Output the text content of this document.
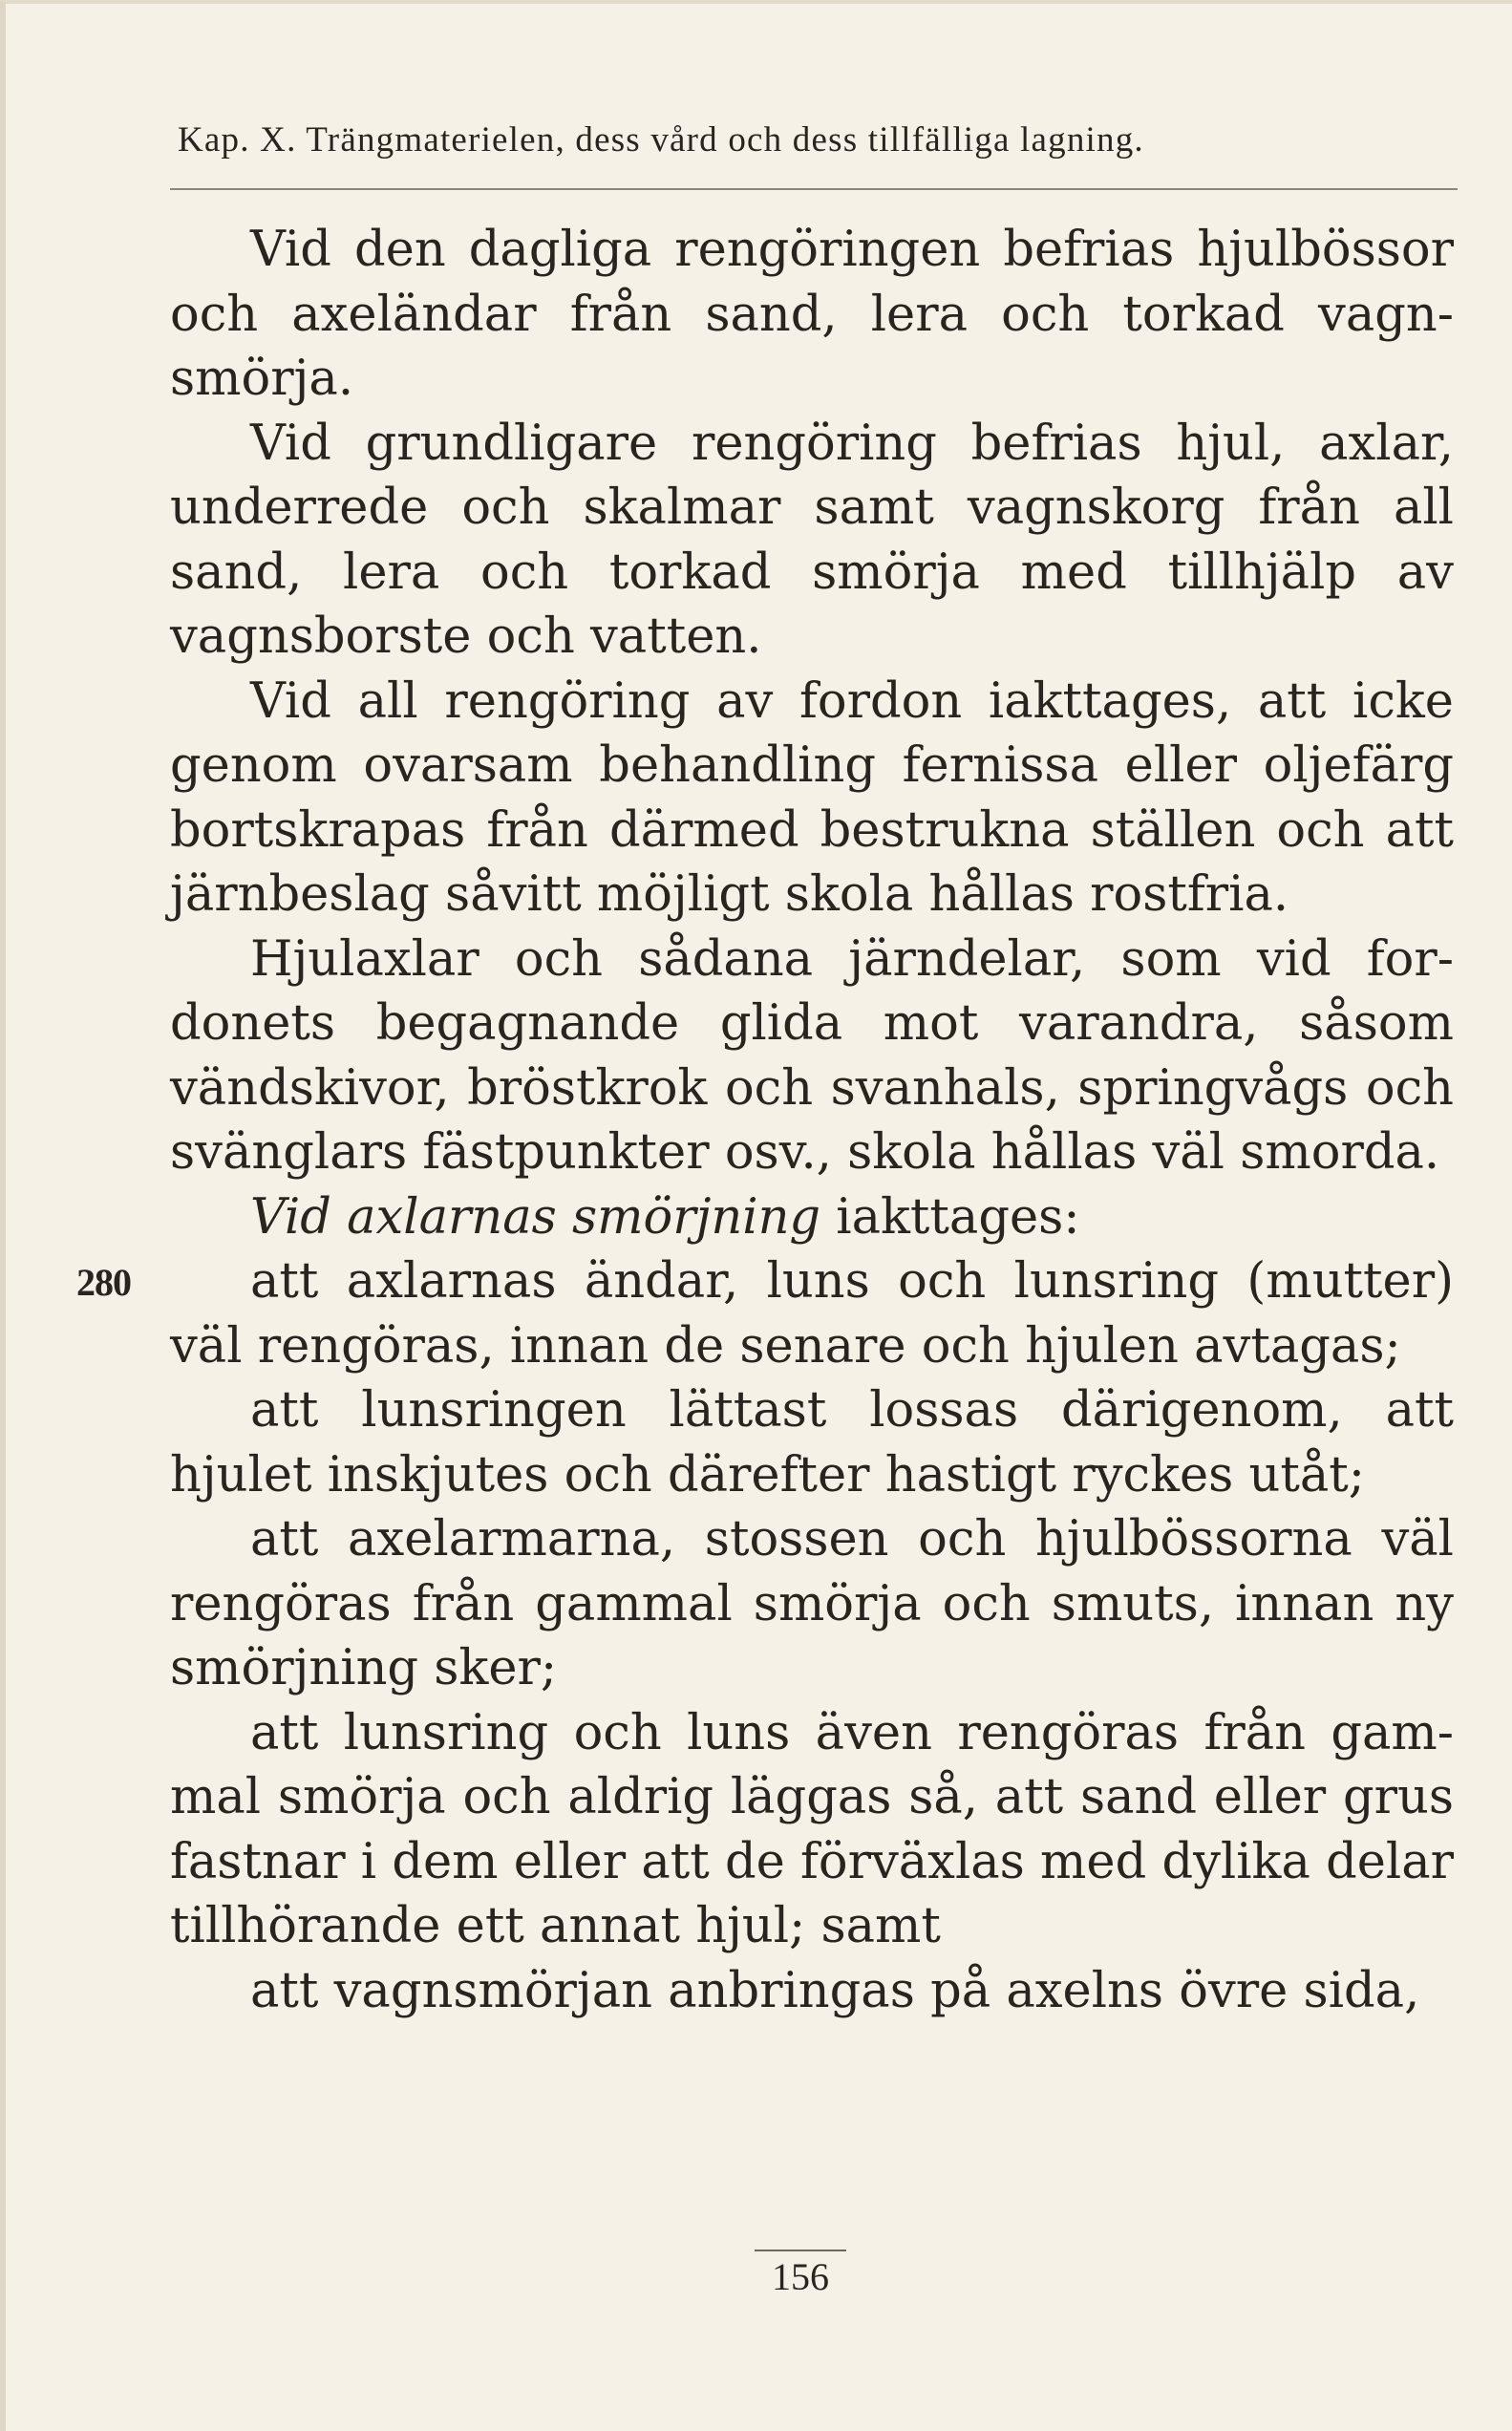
Kap. X. Trängmaterielen, dess vård och dess tillfälliga lagning.
280

Vid den dagliga rengöringen befrias hjulbössor och axeländar från sand, lera och torkad vagnsmörja.

Vid grundligare rengöring befrias hjul, axlar, underrede och skalmar samt vagnskorg från all sand, lera och torkad smörja med tillhjälp av vagnsborste och vatten.

Vid all rengöring av fordon iakttages, att icke genom ovarsam behandling fernissa eller oljefärg bortskrapas från därmed bestrukna ställen och att järnbeslag såvitt möjligt skola hållas rostfria.

Hjulaxlar och sådana järndelar, som vid fordonets begagnande glida mot varandra, såsom vändskivor, bröstkrok och svanhals, springvågs och svänglars fästpunkter osv., skola hållas väl smorda.

Vid axlarnas smörjning iakttages:

att axlarnas ändar, luns och lunsring (mutter) väl rengöras, innan de senare och hjulen avtagas;

att lunsringen lättast lossas därigenom, att hjulet inskjutes och därefter hastigt ryckes utåt;

att axelarmarna, stossen och hjulbössorna väl rengöras från gammal smörja och smuts, innan ny smörjning sker;

att lunsring och luns även rengöras från gammal smörja och aldrig läggas så, att sand eller grus fastnar i dem eller att de förväxlas med dylika delar tillhörande ett annat hjul; samt

att vagnsmörjan anbringas på axelns övre sida,

156
